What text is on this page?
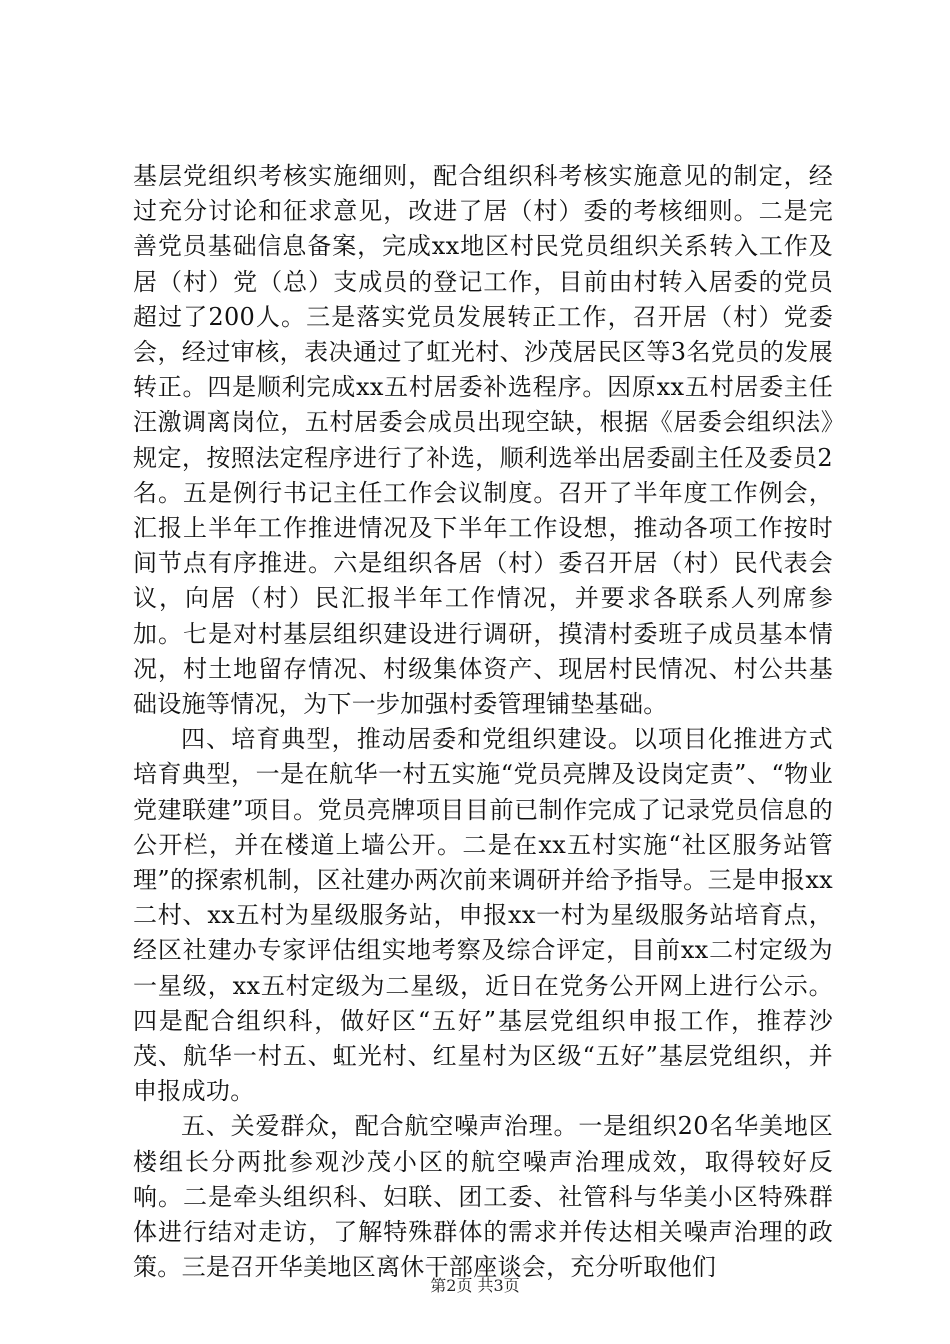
基层党组织考核实施细则，配合组织科考核实施意见的制定，经过充分讨论和征求意见，改进了居（村）委的考核细则。二是完善党员基础信息备案，完成xx地区村民党员组织关系转入工作及居（村）党（总）支成员的登记工作，目前由村转入居委的党员超过了200人。三是落实党员发展转正工作，召开居（村）党委会，经过审核，表决通过了虹光村、沙茂居民区等3名党员的发展转正。四是顺利完成xx五村居委补选程序。因原xx五村居委主任汪激调离岗位，五村居委会成员出现空缺，根据《居委会组织法》规定，按照法定程序进行了补选，顺利选举出居委副主任及委员2名。五是例行书记主任工作会议制度。召开了半年度工作例会，汇报上半年工作推进情况及下半年工作设想，推动各项工作按时间节点有序推进。六是组织各居（村）委召开居（村）民代表会议，向居（村）民汇报半年工作情况，并要求各联系人列席参加。七是对村基层组织建设进行调研，摸清村委班子成员基本情况，村土地留存情况、村级集体资产、现居村民情况、村公共基础设施等情况，为下一步加强村委管理铺垫基础。

四、培育典型，推动居委和党组织建设。以项目化推进方式培育典型，一是在航华一村五实施“党员亮牌及设岗定责”、“物业党建联建”项目。党员亮牌项目目前已制作完成了记录党员信息的公开栏，并在楼道上墙公开。二是在xx五村实施“社区服务站管理”的探索机制，区社建办两次前来调研并给予指导。三是申报xx二村、xx五村为星级服务站，申报xx一村为星级服务站培育点，经区社建办专家评估组实地考察及综合评定，目前xx二村定级为一星级，xx五村定级为二星级，近日在党务公开网上进行公示。四是配合组织科，做好区“五好”基层党组织申报工作，推荐沙茂、航华一村五、虹光村、红星村为区级“五好”基层党组织，并申报成功。

五、关爱群众，配合航空噪声治理。一是组织20名华美地区楼组长分两批参观沙茂小区的航空噪声治理成效，取得较好反响。二是牵头组织科、妇联、团工委、社管科与华美小区特殊群体进行结对走访，了解特殊群体的需求并传达相关噪声治理的政策。三是召开华美地区离休干部座谈会，充分听取他们

第2页 共3页
